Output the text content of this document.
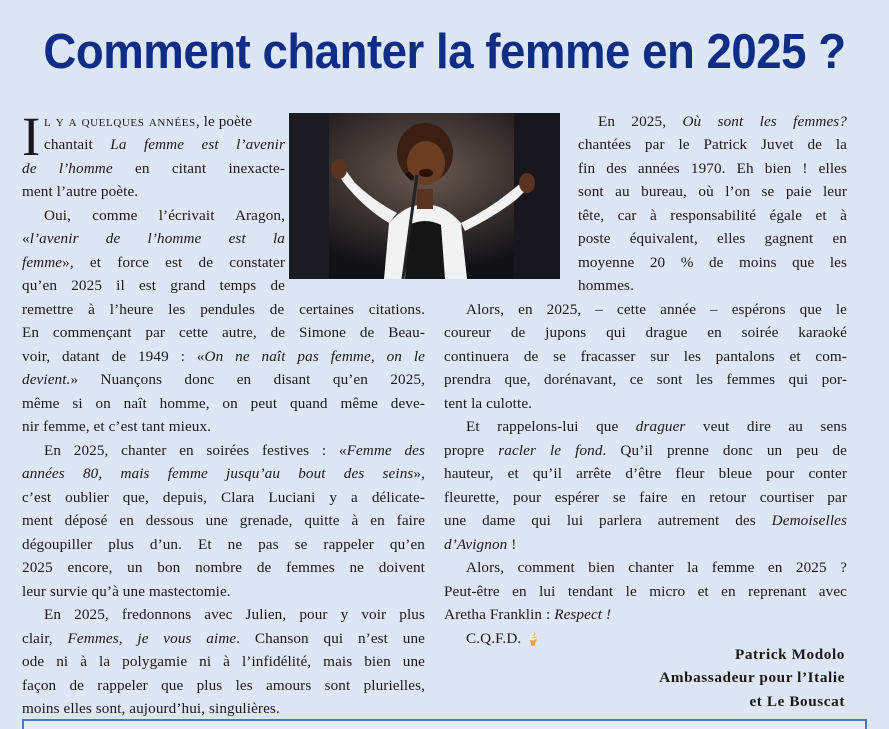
Comment chanter la femme en 2025 ?
I l y a quelques années, le poète
chantait La femme est l’avenir
de l’homme en citant inexacte-
ment l’autre poète.
Oui, comme l’écrivait Aragon,
«l’avenir de l’homme est la
femme», et force est de constater
qu’en 2025 il est grand temps de
remettre à l’heure les pendules de certaines citations.
En commençant par cette autre, de Simone de Beau-
voir, datant de 1949 : «On ne naît pas femme, on le
devient.» Nuançons donc en disant qu’en 2025,
même si on naît homme, on peut quand même deve-
nir femme, et c’est tant mieux.
En 2025, chanter en soirées festives : «Femme des
années 80, mais femme jusqu’au bout des seins»,
c’est oublier que, depuis, Clara Luciani y a délicate-
ment déposé en dessous une grenade, quitte à en faire
dégoupiller plus d’un. Et ne pas se rappeler qu’en
2025 encore, un bon nombre de femmes ne doivent
leur survie qu’à une mastectomie.
En 2025, fredonnons avec Julien, pour y voir plus
clair, Femmes, je vous aime. Chanson qui n’est une
ode ni à la polygamie ni à l’infidélité, mais bien une
façon de rappeler que plus les amours sont plurielles,
moins elles sont, aujourd’hui, singulières.
En 2025, Où sont les femmes?
chantées par le Patrick Juvet de la
fin des années 1970. Eh bien ! elles
sont au bureau, où l’on se paie leur
tête, car à responsabilité égale et à
poste équivalent, elles gagnent en
moyenne 20 % de moins que les
hommes.
Alors, en 2025, – cette année – espérons que le
coureur de jupons qui drague en soirée karaoké
continuera de se fracasser sur les pantalons et com-
prendra que, dorénavant, ce sont les femmes qui por-
tent la culotte.
Et rappelons-lui que draguer veut dire au sens
propre racler le fond. Qu’il prenne donc un peu de
hauteur, et qu’il arrête d’être fleur bleue pour conter
fleurette, pour espérer se faire en retour courtiser par
une dame qui lui parlera autrement des Demoiselles
d’Avignon !
Alors, comment bien chanter la femme en 2025 ?
Peut-être en lui tendant le micro et en reprenant avec
Aretha Franklin : Respect !
C.Q.F.D. 🍦
Patrick Modolo
Ambassadeur pour l’Italie
et Le Bouscat
